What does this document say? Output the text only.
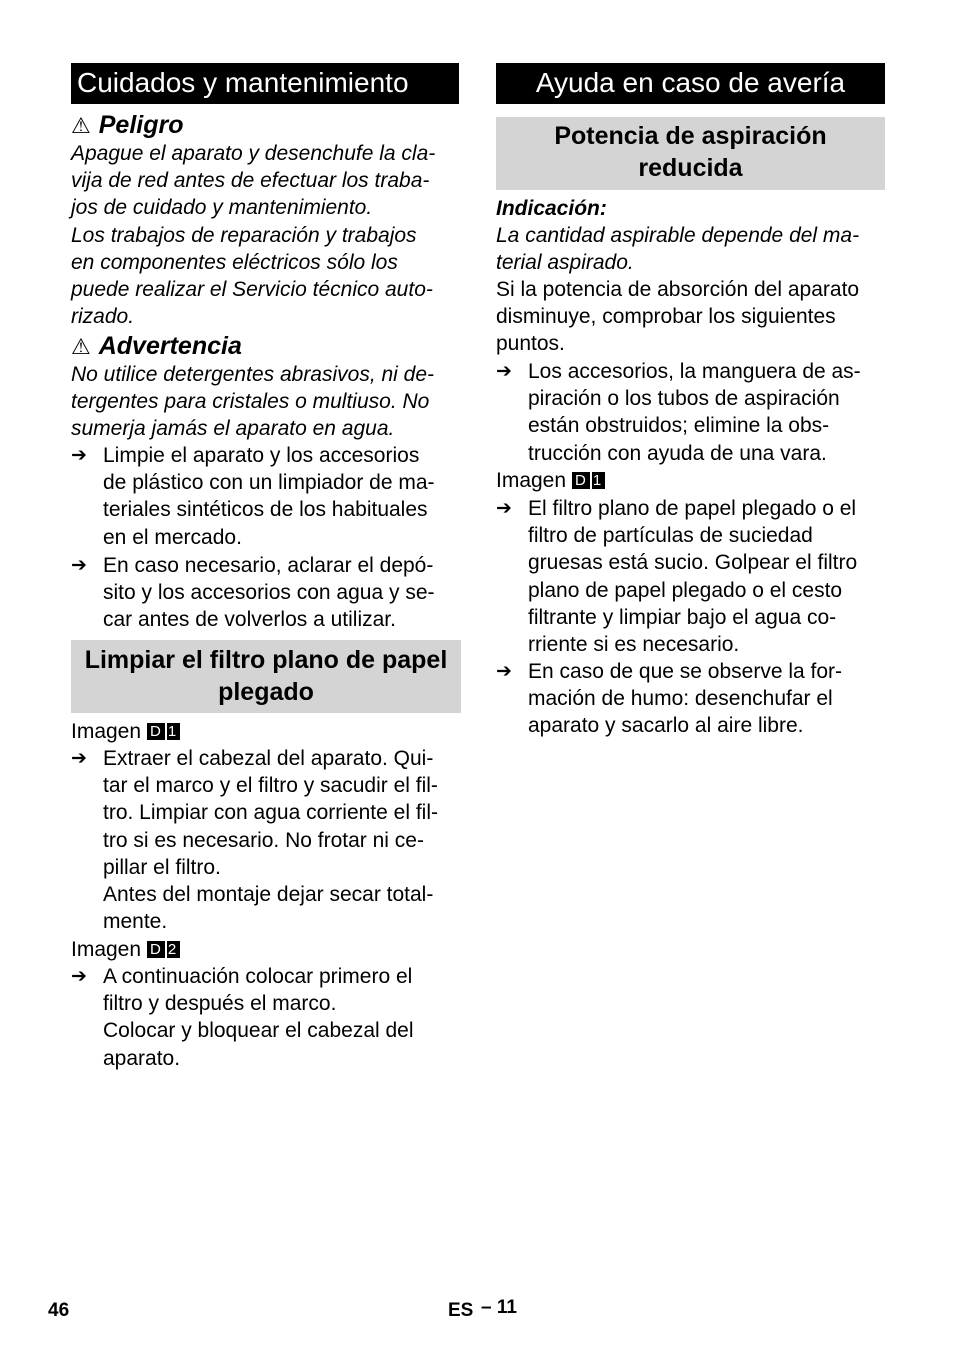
Cuidados y mantenimiento
⚠ Peligro
Apague el aparato y desenchufe la cla-
vija de red antes de efectuar los traba-
jos de cuidado y mantenimiento.
Los trabajos de reparación y trabajos
en componentes eléctricos sólo los
puede realizar el Servicio técnico auto-
rizado.
⚠ Advertencia
No utilice detergentes abrasivos, ni de-
tergentes para cristales o multiuso. No
sumerja jamás el aparato en agua.
➔ Limpie el aparato y los accesorios
de plástico con un limpiador de ma-
teriales sintéticos de los habituales
en el mercado.
➔ En caso necesario, aclarar el depó-
sito y los accesorios con agua y se-
car antes de volverlos a utilizar.
Limpiar el filtro plano de papel plegado
Imagen D 1
➔ Extraer el cabezal del aparato. Qui-
tar el marco y el filtro y sacudir el fil-
tro. Limpiar con agua corriente el fil-
tro si es necesario. No frotar ni ce-
pillar el filtro.
Antes del montaje dejar secar total-
mente.
Imagen D 2
➔ A continuación colocar primero el
filtro y después el marco.
Colocar y bloquear el cabezal del
aparato.
Ayuda en caso de avería
Potencia de aspiración
reducida
Indicación:
La cantidad aspirable depende del ma-
terial aspirado.
Si la potencia de absorción del aparato
disminuye, comprobar los siguientes
puntos.
➔ Los accesorios, la manguera de as-
piración o los tubos de aspiración
están obstruidos; elimine la obs-
trucción con ayuda de una vara.
Imagen D 1
➔ El filtro plano de papel plegado o el
filtro de partículas de suciedad
gruesas está sucio. Golpear el filtro
plano de papel plegado o el cesto
filtrante y limpiar bajo el agua co-
rriente si es necesario.
➔ En caso de que se observe la for-
mación de humo: desenchufar el
aparato y sacarlo al aire libre.
46	ES – 11
